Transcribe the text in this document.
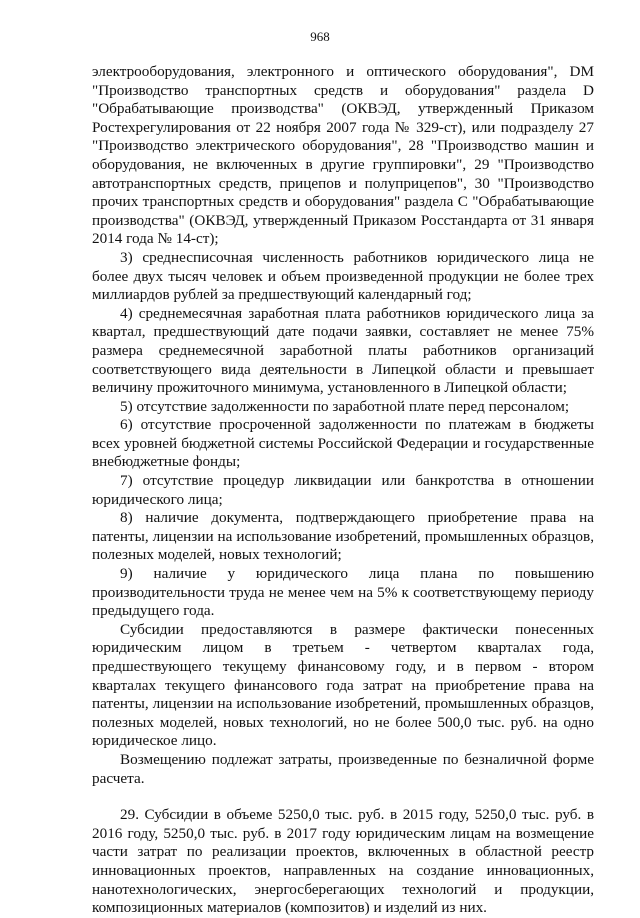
968

электрооборудования, электронного и оптического оборудования", DM "Производство транспортных средств и оборудования" раздела D "Обрабатывающие производства" (ОКВЭД, утвержденный Приказом Ростехрегулирования от 22 ноября 2007 года № 329-ст), или подразделу 27 "Производство электрического оборудования", 28 "Производство машин и оборудования, не включенных в другие группировки", 29 "Производство автотранспортных средств, прицепов и полуприцепов", 30 "Производство прочих транспортных средств и оборудования" раздела С "Обрабатывающие производства" (ОКВЭД, утвержденный Приказом Росстандарта от 31 января 2014 года № 14-ст);

3) среднесписочная численность работников юридического лица не более двух тысяч человек и объем произведенной продукции не более трех миллиардов рублей за предшествующий календарный год;

4) среднемесячная заработная плата работников юридического лица за квартал, предшествующий дате подачи заявки, составляет не менее 75% размера среднемесячной заработной платы работников организаций соответствующего вида деятельности в Липецкой области и превышает величину прожиточного минимума, установленного в Липецкой области;

5) отсутствие задолженности по заработной плате перед персоналом;

6) отсутствие просроченной задолженности по платежам в бюджеты всех уровней бюджетной системы Российской Федерации и государственные внебюджетные фонды;

7) отсутствие процедур ликвидации или банкротства в отношении юридического лица;

8) наличие документа, подтверждающего приобретение права на патенты, лицензии на использование изобретений, промышленных образцов, полезных моделей, новых технологий;

9) наличие у юридического лица плана по повышению производительности труда не менее чем на 5% к соответствующему периоду предыдущего года.

Субсидии предоставляются в размере фактически понесенных юридическим лицом в третьем - четвертом кварталах года, предшествующего текущему финансовому году, и в первом - втором кварталах текущего финансового года затрат на приобретение права на патенты, лицензии на использование изобретений, промышленных образцов, полезных моделей, новых технологий, но не более 500,0 тыс. руб. на одно юридическое лицо.

Возмещению подлежат затраты, произведенные по безналичной форме расчета.

29. Субсидии в объеме 5250,0 тыс. руб. в 2015 году, 5250,0 тыс. руб. в 2016 году, 5250,0 тыс. руб. в 2017 году юридическим лицам на возмещение части затрат по реализации проектов, включенных в областной реестр инновационных проектов, направленных на создание инновационных, нанотехнологических, энергосберегающих технологий и продукции, композиционных материалов (композитов) и изделий из них.
